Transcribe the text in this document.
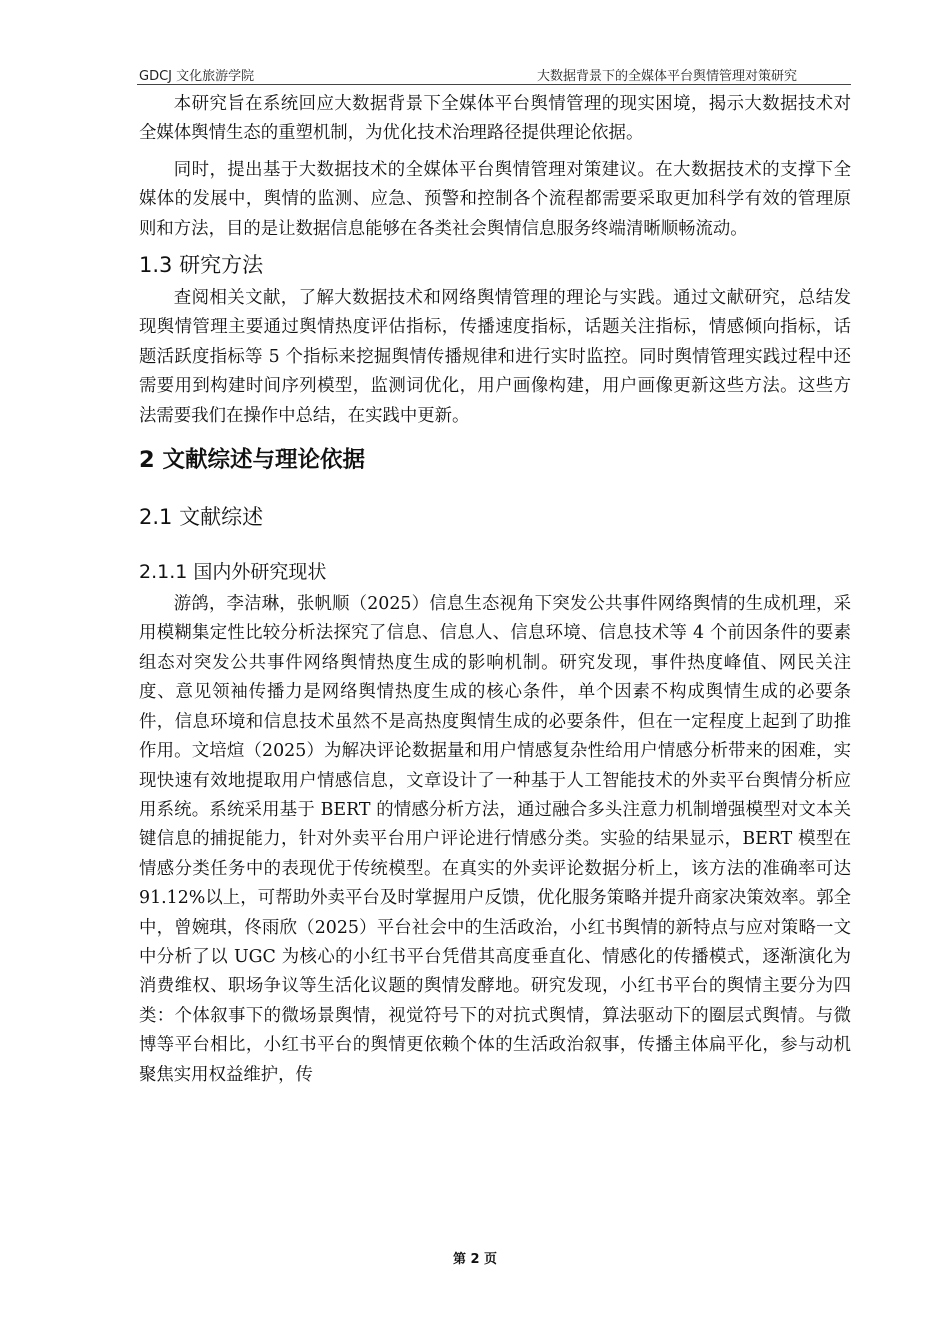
GDCJ 文化旅游学院	大数据背景下的全媒体平台舆情管理对策研究

本研究旨在系统回应大数据背景下全媒体平台舆情管理的现实困境，揭示大数据技术对全媒体舆情生态的重塑机制，为优化技术治理路径提供理论依据。

同时，提出基于大数据技术的全媒体平台舆情管理对策建议。在大数据技术的支撑下全媒体的发展中，舆情的监测、应急、预警和控制各个流程都需要采取更加科学有效的管理原则和方法，目的是让数据信息能够在各类社会舆情信息服务终端清晰顺畅流动。

1.3 研究方法

查阅相关文献，了解大数据技术和网络舆情管理的理论与实践。通过文献研究，总结发现舆情管理主要通过舆情热度评估指标，传播速度指标，话题关注指标，情感倾向指标，话题活跃度指标等 5 个指标来挖掘舆情传播规律和进行实时监控。同时舆情管理实践过程中还需要用到构建时间序列模型，监测词优化，用户画像构建，用户画像更新这些方法。这些方法需要我们在操作中总结，在实践中更新。

2 文献综述与理论依据
2.1 文献综述
2.1.1 国内外研究现状

游鸽，李洁琳，张帆顺（2025）信息生态视角下突发公共事件网络舆情的生成机理，采用模糊集定性比较分析法探究了信息、信息人、信息环境、信息技术等 4 个前因条件的要素组态对突发公共事件网络舆情热度生成的影响机制。研究发现，事件热度峰值、网民关注度、意见领袖传播力是网络舆情热度生成的核心条件，单个因素不构成舆情生成的必要条件，信息环境和信息技术虽然不是高热度舆情生成的必要条件，但在一定程度上起到了助推作用。文培煊（2025）为解决评论数据量和用户情感复杂性给用户情感分析带来的困难，实现快速有效地提取用户情感信息，文章设计了一种基于人工智能技术的外卖平台舆情分析应用系统。系统采用基于 BERT 的情感分析方法，通过融合多头注意力机制增强模型对文本关键信息的捕捉能力，针对外卖平台用户评论进行情感分类。实验的结果显示，BERT 模型在情感分类任务中的表现优于传统模型。在真实的外卖评论数据分析上，该方法的准确率可达 91.12%以上，可帮助外卖平台及时掌握用户反馈，优化服务策略并提升商家决策效率。郭全中，曾婉琪，佟雨欣（2025）平台社会中的生活政治，小红书舆情的新特点与应对策略一文中分析了以 UGC 为核心的小红书平台凭借其高度垂直化、情感化的传播模式，逐渐演化为消费维权、职场争议等生活化议题的舆情发酵地。研究发现，小红书平台的舆情主要分为四类：个体叙事下的微场景舆情，视觉符号下的对抗式舆情，算法驱动下的圈层式舆情。与微博等平台相比，小红书平台的舆情更依赖个体的生活政治叙事，传播主体扁平化，参与动机聚焦实用权益维护，传

第 2 页
